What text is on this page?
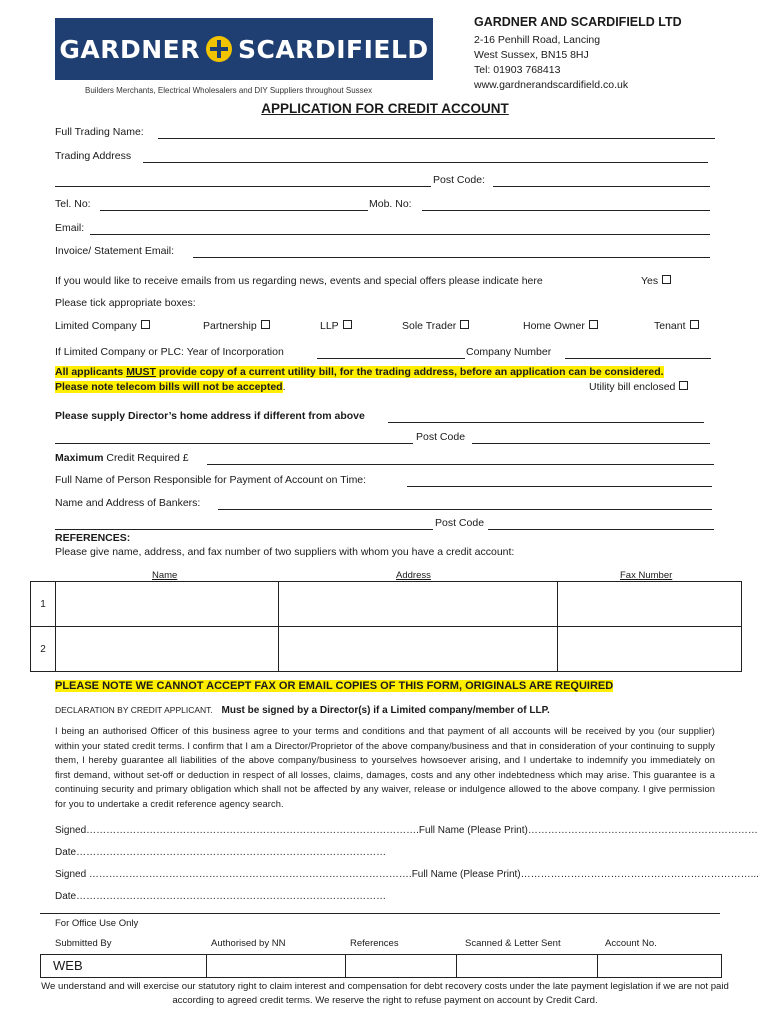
GARDNER SCARDIFIELD
Builders Merchants, Electrical Wholesalers and DIY Suppliers throughout Sussex
GARDNER AND SCARDIFIELD LTD
2-16 Penhill Road, Lancing
West Sussex, BN15 8HJ
Tel: 01903 768413
www.gardnerandscardifield.co.uk
APPLICATION FOR CREDIT ACCOUNT
Full Trading Name:
Trading Address
Post Code:
Tel. No:	Mob. No:
Email:
Invoice/ Statement Email:
If you would like to receive emails from us regarding news, events and special offers please indicate here	Yes
Please tick appropriate boxes:
Limited Company	Partnership	LLP	Sole Trader	Home Owner	Tenant
If Limited Company or PLC: Year of Incorporation	Company Number
All applicants MUST provide copy of a current utility bill, for the trading address, before an application can be considered.
Please note telecom bills will not be accepted.	Utility bill enclosed
Please supply Director’s home address if different from above
Post Code
Maximum Credit Required £
Full Name of Person Responsible for Payment of Account on Time:
Name and Address of Bankers:
Post Code
REFERENCES:
Please give name, address, and fax number of two suppliers with whom you have a credit account:
Name	Address	Fax Number
1			
2			
PLEASE NOTE WE CANNOT ACCEPT FAX OR EMAIL COPIES OF THIS FORM, ORIGINALS ARE REQUIRED
DECLARATION BY CREDIT APPLICANT. Must be signed by a Director(s) if a Limited company/member of LLP.
I being an authorised Officer of this business agree to your terms and conditions and that payment of all accounts will be received by you (our supplier) within your stated credit terms. I confirm that I am a Director/Proprietor of the above company/business and that in consideration of your continuing to supply them, I hereby guarantee all liabilities of the above company/business to yourselves howsoever arising, and I undertake to indemnify you immediately on first demand, without set-off or deduction in respect of all losses, claims, damages, costs and any other indebtedness which may arise. This guarantee is a continuing security and primary obligation which shall not be affected by any waiver, release or indulgence allowed to the above company. I give permission for you to undertake a credit reference agency search.
Signed……………………………………………………………………………………….Full Name (Please Print)……………………………………………………………
Date…………………………………………………………………………………
Signed …………………………………………………………………………………….Full Name (Please Print)……………………………………………………………...
Date…………………………………………………………………………………
For Office Use Only
Submitted By	Authorised by NN	References	Scanned & Letter Sent	Account No.
WEB
We understand and will exercise our statutory right to claim interest and compensation for debt recovery costs under the late payment legislation if we are not paid according to agreed credit terms. We reserve the right to refuse payment on account by Credit Card.
